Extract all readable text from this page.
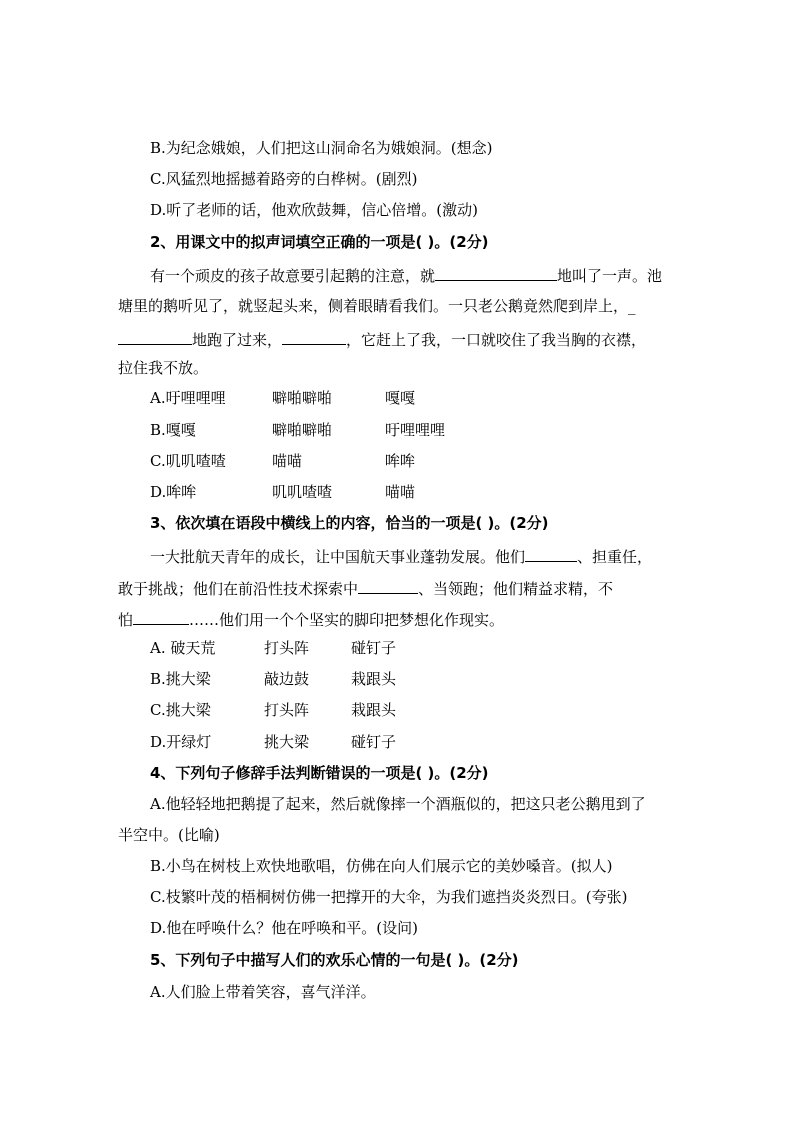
B.为纪念娥娘，人们把这山洞命名为娥娘洞。(想念)
C.风猛烈地摇撼着路旁的白桦树。(剧烈)
D.听了老师的话，他欢欣鼓舞，信心倍增。(激动)
2、用课文中的拟声词填空正确的一项是( )。(2分)
有一个顽皮的孩子故意要引起鹅的注意，就	地叫了一声。池
塘里的鹅听见了，就竖起头来，侧着眼睛看我们。一只老公鹅竟然爬到岸上，_
地跑了过来，	，它赶上了我，一口就咬住了我当胸的衣襟，
拉住我不放。
A.吁哩哩哩	噼啪噼啪	嘎嘎
B.嘎嘎	噼啪噼啪	吁哩哩哩
C.叽叽喳喳	喵喵	哞哞
D.哞哞	叽叽喳喳	喵喵
3、依次填在语段中横线上的内容，恰当的一项是( )。(2分)
一大批航天青年的成长，让中国航天事业蓬勃发展。他们	、担重任，
敢于挑战；他们在前沿性技术探索中	、当领跑；他们精益求精，不
怕	……他们用一个个坚实的脚印把梦想化作现实。
A. 破天荒	打头阵	碰钉子
B.挑大梁	敲边鼓	栽跟头
C.挑大梁	打头阵	栽跟头
D.开绿灯	挑大梁	碰钉子
4、下列句子修辞手法判断错误的一项是( )。(2分)
A.他轻轻地把鹅提了起来，然后就像摔一个酒瓶似的，把这只老公鹅甩到了
半空中。(比喻)
B.小鸟在树枝上欢快地歌唱，仿佛在向人们展示它的美妙嗓音。(拟人)
C.枝繁叶茂的梧桐树仿佛一把撑开的大伞，为我们遮挡炎炎烈日。(夸张)
D.他在呼唤什么？他在呼唤和平。(设问)
5、下列句子中描写人们的欢乐心情的一句是( )。(2分)
A.人们脸上带着笑容，喜气洋洋。
